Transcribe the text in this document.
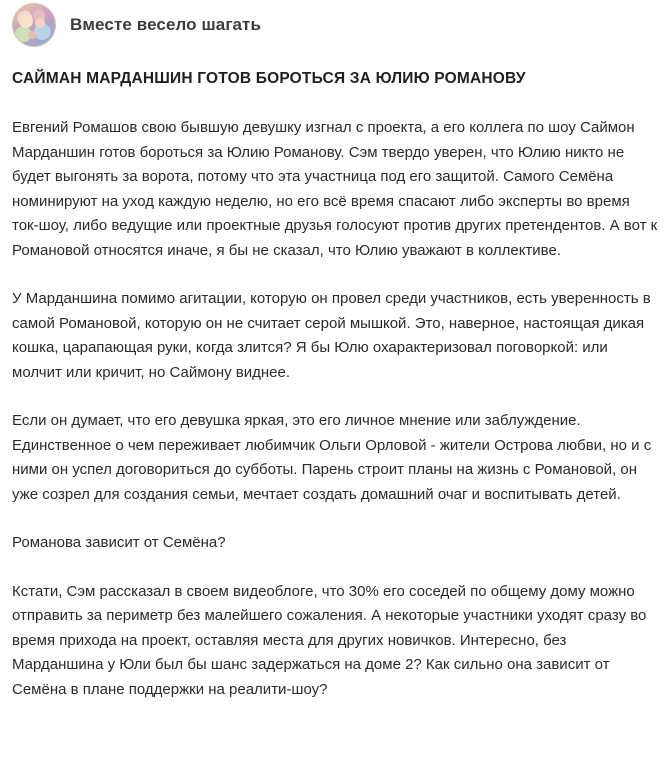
Вместе весело шагать
САЙМАН МАРДАНШИН ГОТОВ БОРОТЬСЯ ЗА ЮЛИЮ РОМАНОВУ

Евгений Ромашов свою бывшую девушку изгнал с проекта, а его коллега по шоу Саймон Марданшин готов бороться за Юлию Романову. Сэм твердо уверен, что Юлию никто не будет выгонять за ворота, потому что эта участница под его защитой. Самого Семёна номинируют на уход каждую неделю, но его всё время спасают либо эксперты во время ток-шоу, либо ведущие или проектные друзья голосуют против других претендентов. А вот к Романовой относятся иначе, я бы не сказал, что Юлию уважают в коллективе.

У Марданшина помимо агитации, которую он провел среди участников, есть уверенность в самой Романовой, которую он не считает серой мышкой. Это, наверное, настоящая дикая кошка, царапающая руки, когда злится? Я бы Юлю охарактеризовал поговоркой: или молчит или кричит, но Саймону виднее.

Если он думает, что его девушка яркая, это его личное мнение или заблуждение. Единственное о чем переживает любимчик Ольги Орловой - жители Острова любви, но и с ними он успел договориться до субботы. Парень строит планы на жизнь с Романовой, он уже созрел для создания семьи, мечтает создать домашний очаг и воспитывать детей.

Романова зависит от Семёна?

Кстати, Сэм рассказал в своем видеоблоге, что 30% его соседей по общему дому можно отправить за периметр без малейшего сожаления. А некоторые участники уходят сразу во время прихода на проект, оставляя места для других новичков. Интересно, без Марданшина у Юли был бы шанс задержаться на доме 2? Как сильно она зависит от Семёна в плане поддержки на реалити-шоу?
